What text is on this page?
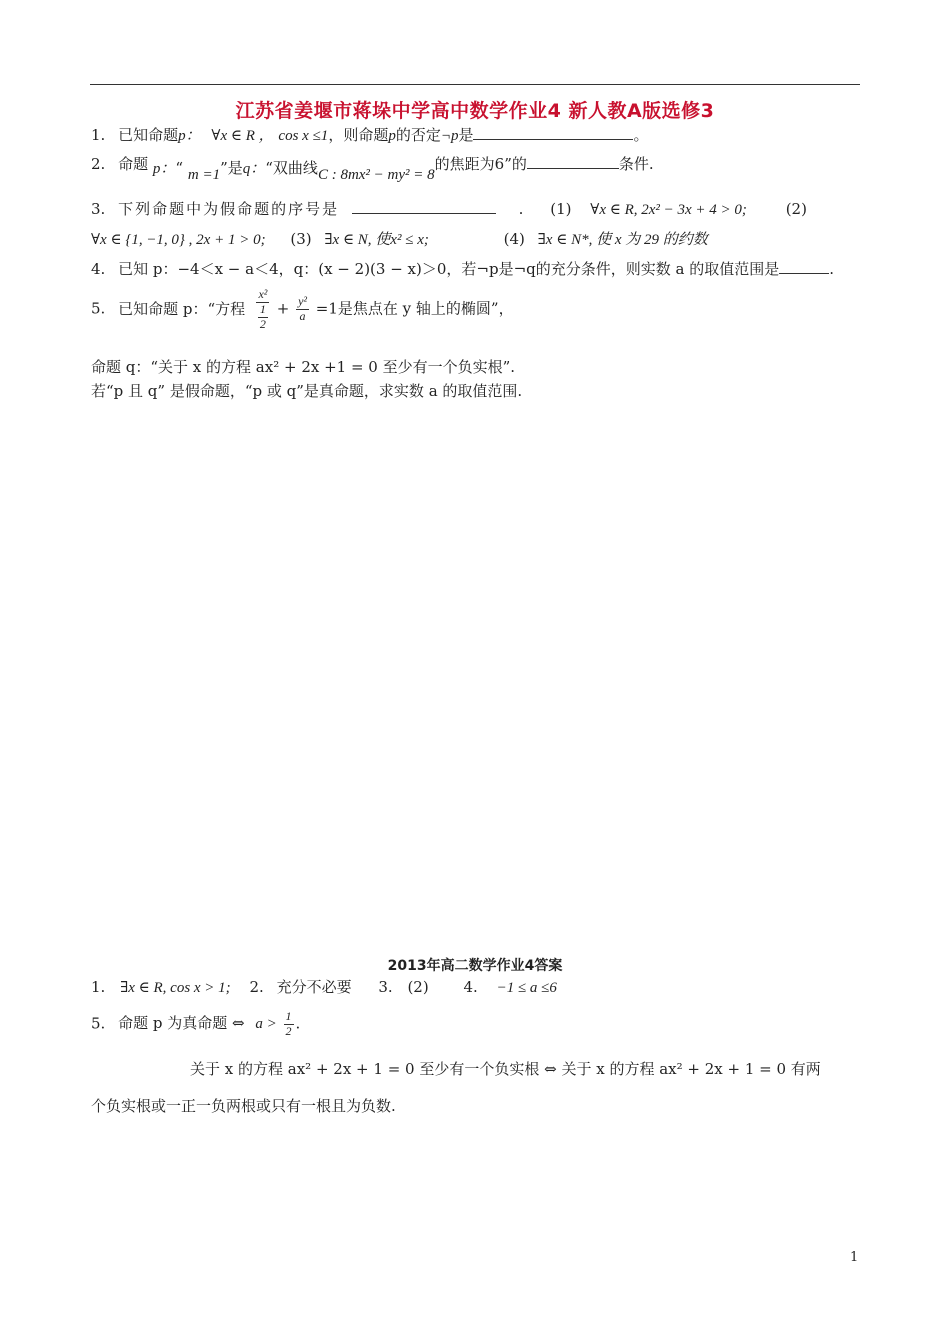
江苏省姜堰市蒋垛中学高中数学作业4 新人教A版选修3
1. 已知命题p： ∀x ∈ R ， cos x ≤1，则命题p的否定¬p是	。
2. 命题 p：“ m =1”是q：“双曲线C : 8mx² − my² = 8的焦距为6”的	条件.
3. 下列命题中为假命题的序号是	. (1) ∀x ∈ R, 2x² − 3x + 4 > 0;	(2)
∀x ∈ {1, −1, 0} , 2x + 1 > 0; (3) ∃x ∈ N, 使x² ≤ x;	(4) ∃x ∈ N*, 使 x 为 29 的约数
4. 已知 p：−4＜x − a＜4，q：(x − 2)(3 − x)＞0，若¬p是¬q的充分条件，则实数 a 的取值范围是	.
5. 已知命题 p：“方程 $\frac{\text{x²}}{\frac{1}{2}} + \frac{\text{y²}}{a} =1$是焦点在 y 轴上的椭圆”，
命题 q：“关于 x 的方程 ax² + 2x +1 = 0 至少有一个负实根”.
若“p 且 q” 是假命题，“p 或 q”是真命题，求实数 a 的取值范围.
2013年高二数学作业4答案
1. ∃x ∈ R, cos x > 1; 2. 充分不必要 3. (2) 4. −1 ≤ a ≤6
5. 命题 p 为真命题 ⇔ $a > \frac{1}{2}$ .
关于 x 的方程 ax² + 2x + 1 = 0 至少有一个负实根 ⇔ 关于 x 的方程 ax² + 2x + 1 = 0 有两
个负实根或一正一负两根或只有一根且为负数.
1
